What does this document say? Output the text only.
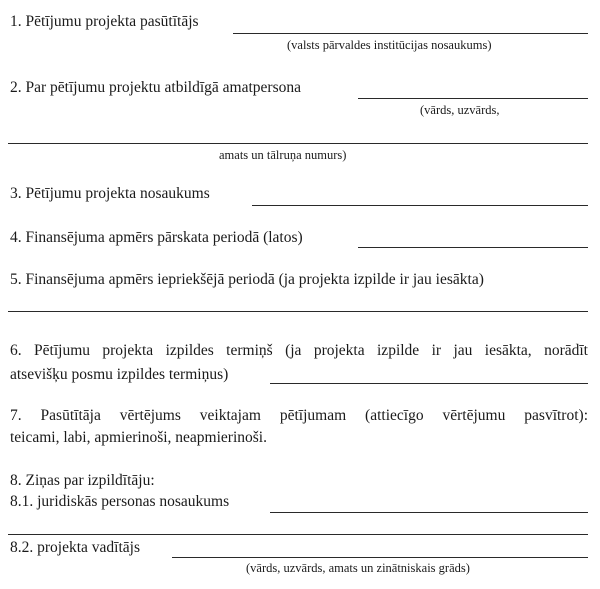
1. Pētījumu projekta pasūtītājs
(valsts pārvaldes institūcijas nosaukums)
2. Par pētījumu projektu atbildīgā amatpersona
(vārds, uzvārds,
amats un tālruņa numurs)
3. Pētījumu projekta nosaukums
4. Finansējuma apmērs pārskata periodā (latos)
5. Finansējuma apmērs iepriekšējā periodā (ja projekta izpilde ir jau iesākta)
6. Pētījumu projekta izpildes termiņš (ja projekta izpilde ir jau iesākta, norādīt
atsevišķu posmu izpildes termiņus)
7. Pasūtītāja vērtējums veiktajam pētījumam (attiecīgo vērtējumu pasvītrot):
teicami, labi, apmierinoši, neapmierinoši.
8. Ziņas par izpildītāju:
8.1. juridiskās personas nosaukums
8.2. projekta vadītājs
(vārds, uzvārds, amats un zinātniskais grāds)
